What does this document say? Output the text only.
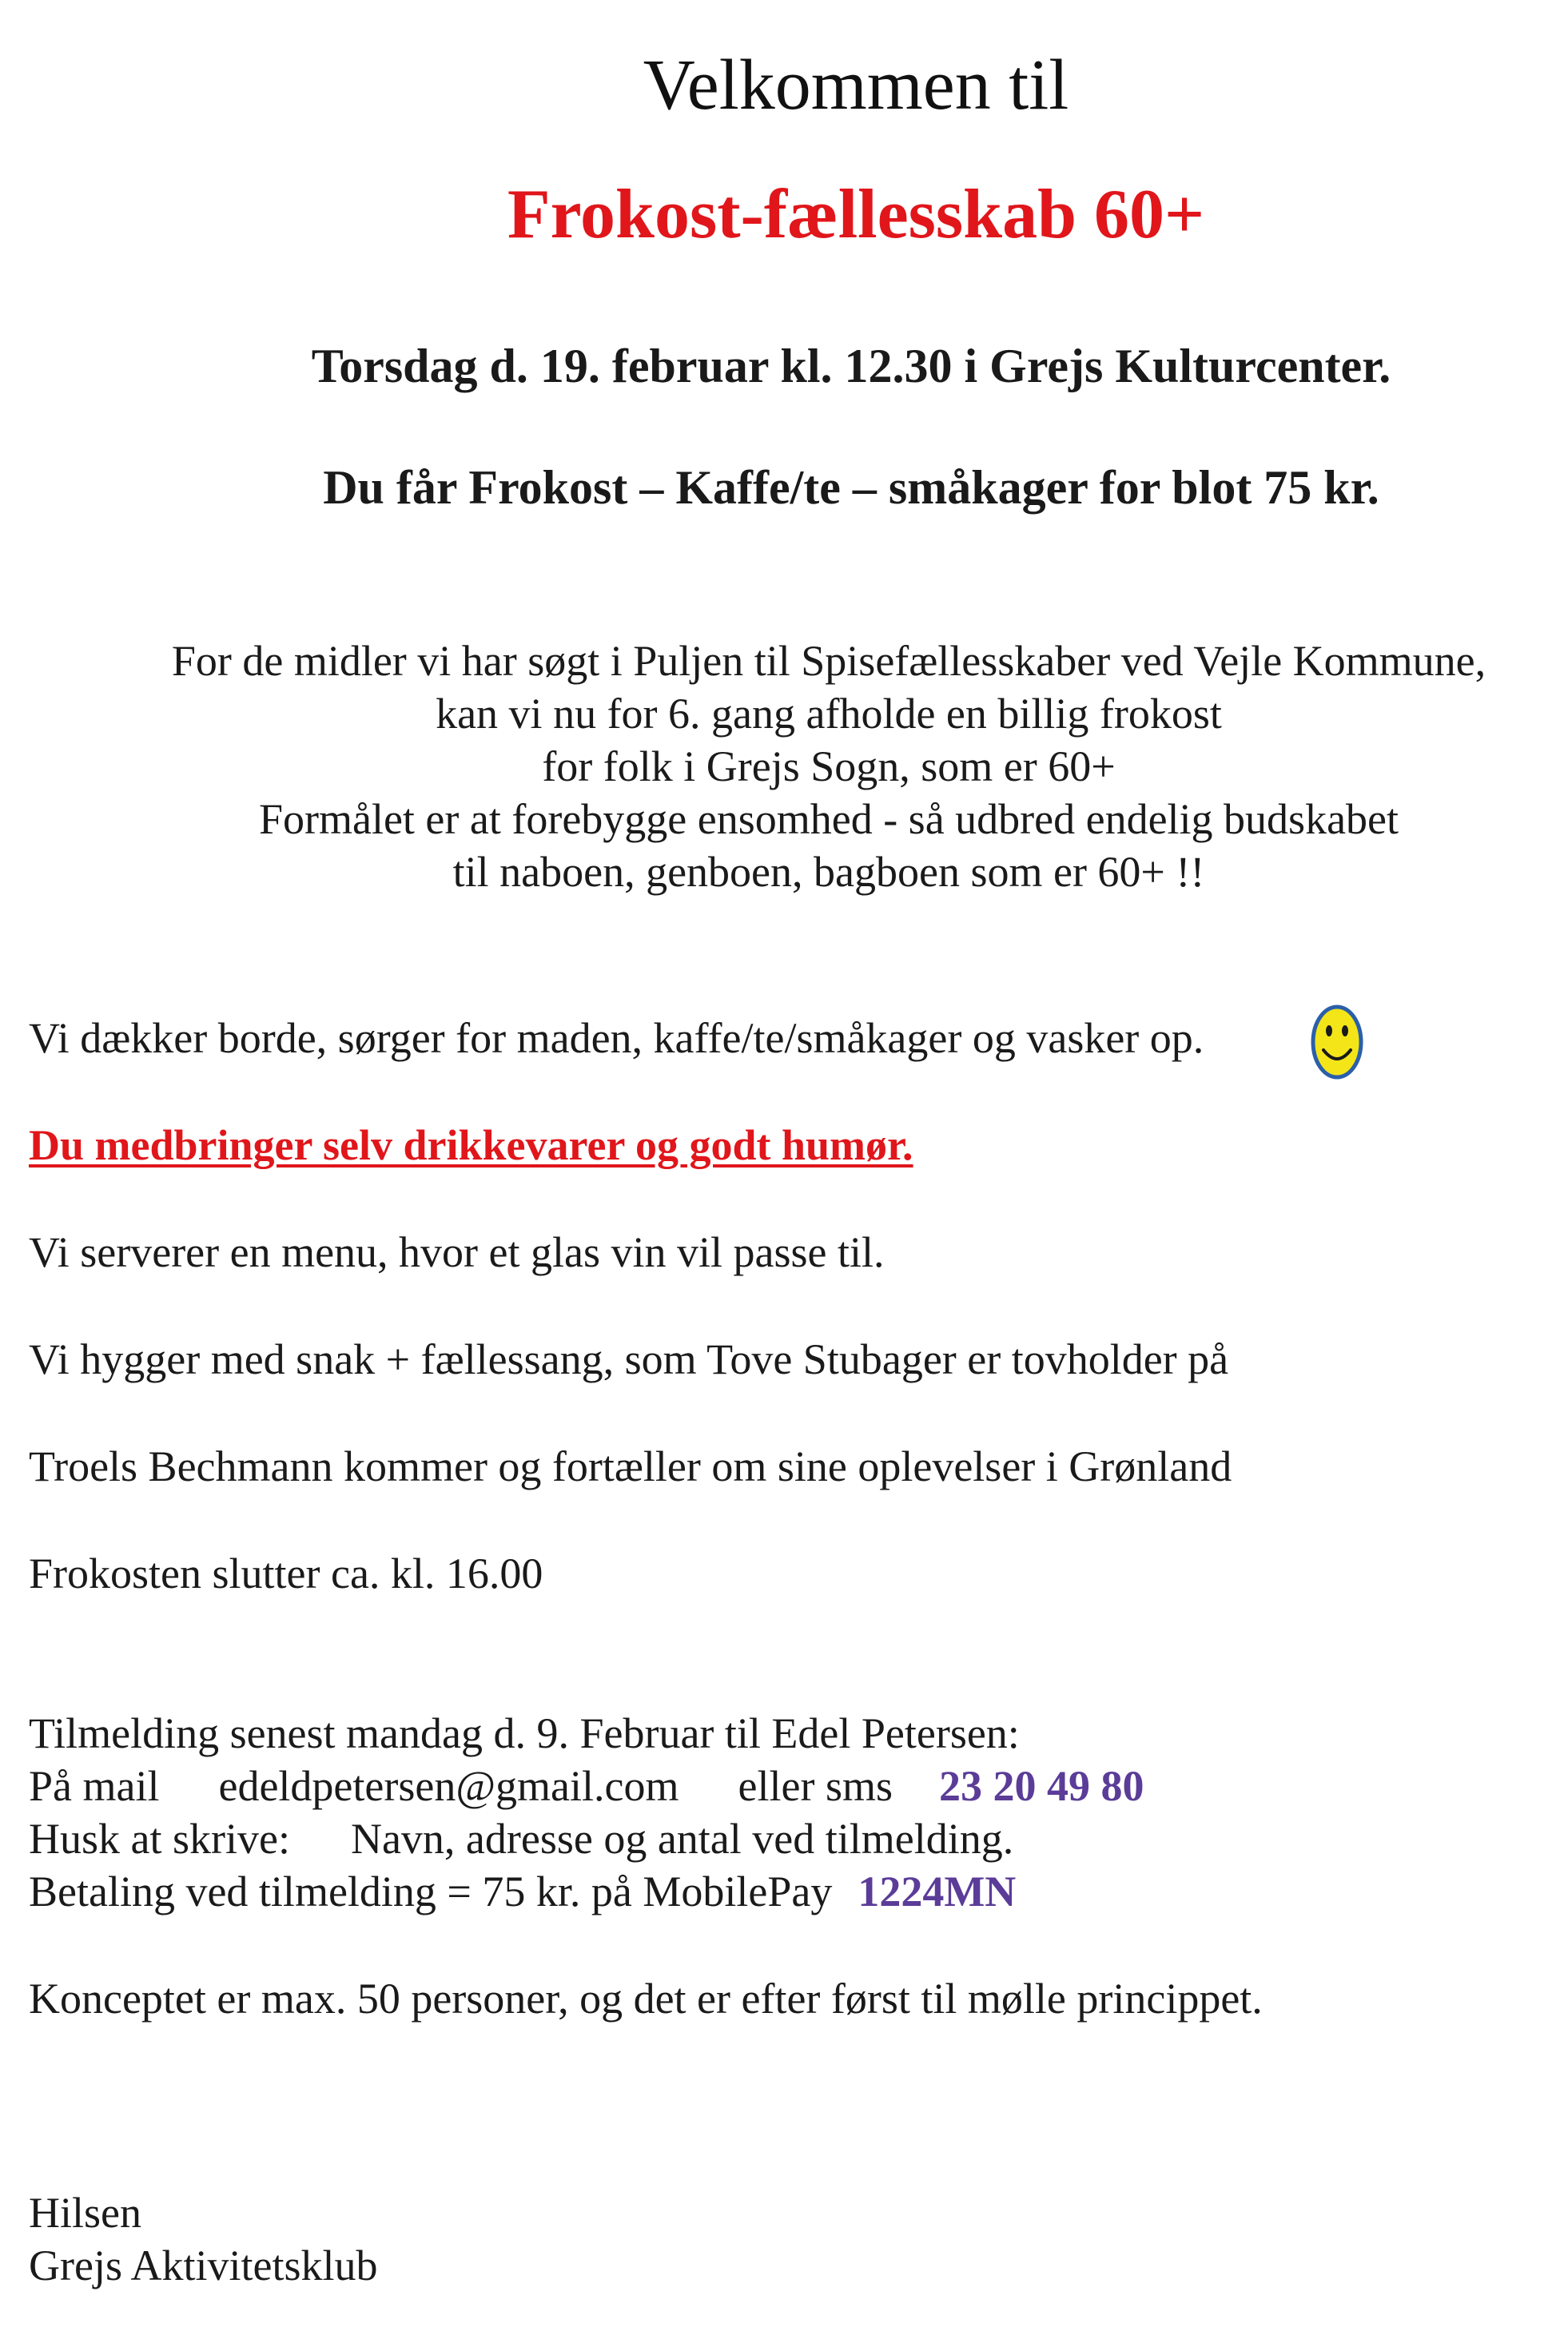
Velkommen til

Frokost-fællesskab 60+

Torsdag d. 19. februar kl. 12.30 i Grejs Kulturcenter.

Du får Frokost – Kaffe/te – småkager for blot 75 kr.

For de midler vi har søgt i Puljen til Spisefællesskaber ved Vejle Kommune,

kan vi nu for 6. gang afholde en billig frokost

for folk i Grejs Sogn, som er 60+

Formålet er at forebygge ensomhed - så udbred endelig budskabet

til naboen, genboen, bagboen som er 60+ !!

Vi dækker borde, sørger for maden, kaffe/te/småkager og vasker op.

Du medbringer selv drikkevarer og godt humør.

Vi serverer en menu, hvor et glas vin vil passe til.

Vi hygger med snak + fællessang, som Tove Stubager er tovholder på

Troels Bechmann kommer og fortæller om sine oplevelser i Grønland

Frokosten slutter ca. kl. 16.00

Tilmelding senest mandag d. 9. Februar til Edel Petersen:

På mail edeldpetersen@gmail.com eller sms 23 20 49 80

Husk at skrive: Navn, adresse og antal ved tilmelding.

Betaling ved tilmelding = 75 kr. på MobilePay 1224MN

Konceptet er max. 50 personer, og det er efter først til mølle princippet.

Hilsen

Grejs Aktivitetsklub
